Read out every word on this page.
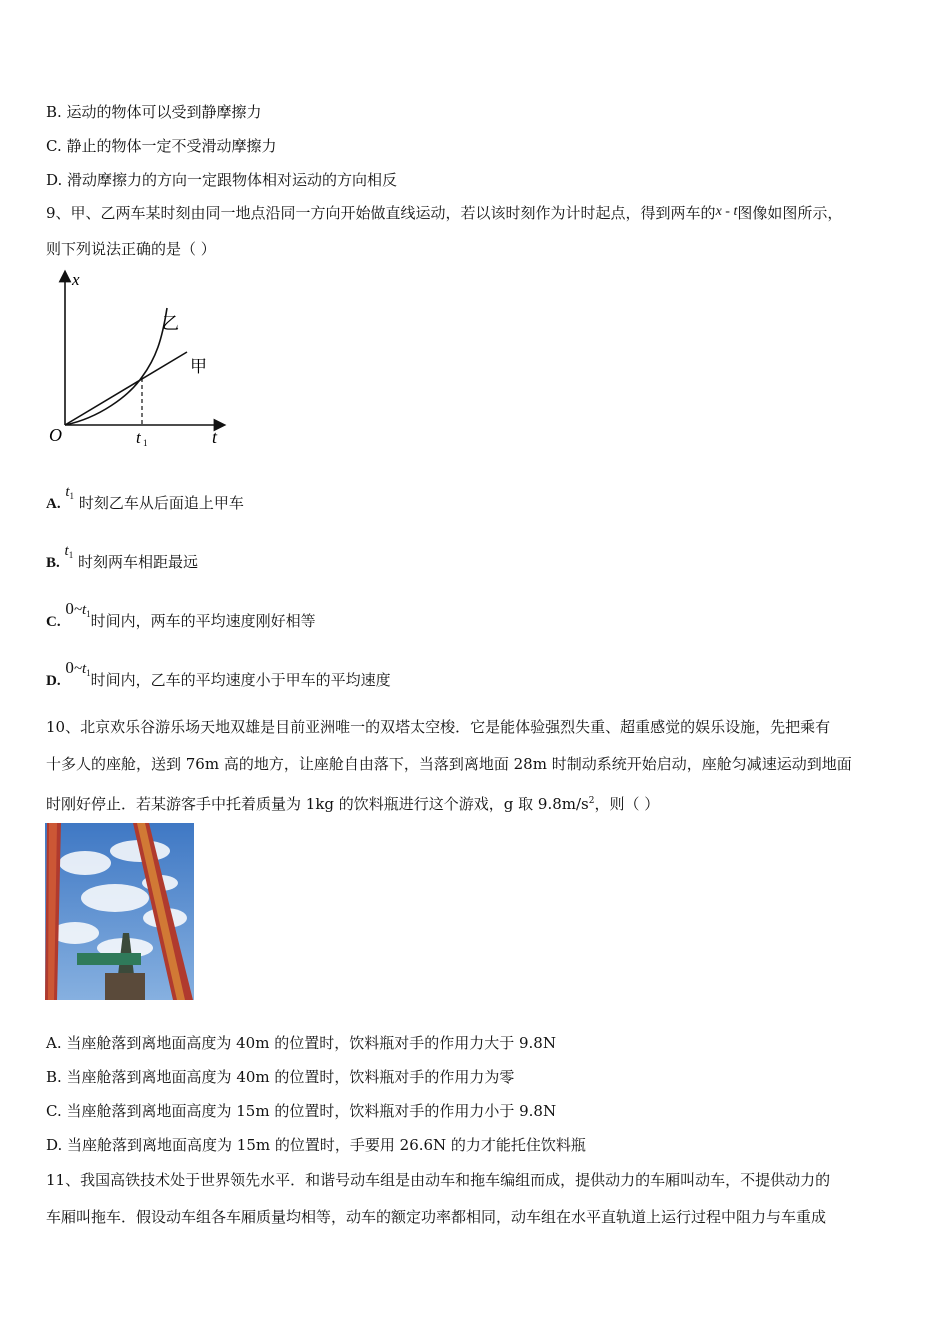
B. 运动的物体可以受到静摩擦力
C. 静止的物体一定不受滑动摩擦力
D. 滑动摩擦力的方向一定跟物体相对运动的方向相反
9、甲、乙两车某时刻由同一地点沿同一方向开始做直线运动，若以该时刻作为计时起点，得到两车的x - t图像如图所示，
则下列说法正确的是（ ）
x
t
O	t 1
乙
甲
A. $t_1$ 时刻乙车从后面追上甲车
B. $t_1$ 时刻两车相距最远
C. $0\sim t_1$时间内，两车的平均速度刚好相等
D. $0\sim t_1$时间内，乙车的平均速度小于甲车的平均速度
10、北京欢乐谷游乐场天地双雄是目前亚洲唯一的双塔太空梭．它是能体验强烈失重、超重感觉的娱乐设施，先把乘有
十多人的座舱，送到 76m 高的地方，让座舱自由落下，当落到离地面 28m 时制动系统开始启动，座舱匀减速运动到地面
时刚好停止．若某游客手中托着质量为 1kg 的饮料瓶进行这个游戏，g 取 $9.8m/s^2$，则（ ）
A. 当座舱落到离地面高度为 40m 的位置时，饮料瓶对手的作用力大于 9.8N
B. 当座舱落到离地面高度为 40m 的位置时，饮料瓶对手的作用力为零
C. 当座舱落到离地面高度为 15m 的位置时，饮料瓶对手的作用力小于 9.8N
D. 当座舱落到离地面高度为 15m 的位置时，手要用 26.6N 的力才能托住饮料瓶
11、我国高铁技术处于世界领先水平．和谐号动车组是由动车和拖车编组而成，提供动力的车厢叫动车，不提供动力的
车厢叫拖车．假设动车组各车厢质量均相等，动车的额定功率都相同，动车组在水平直轨道上运行过程中阻力与车重成
